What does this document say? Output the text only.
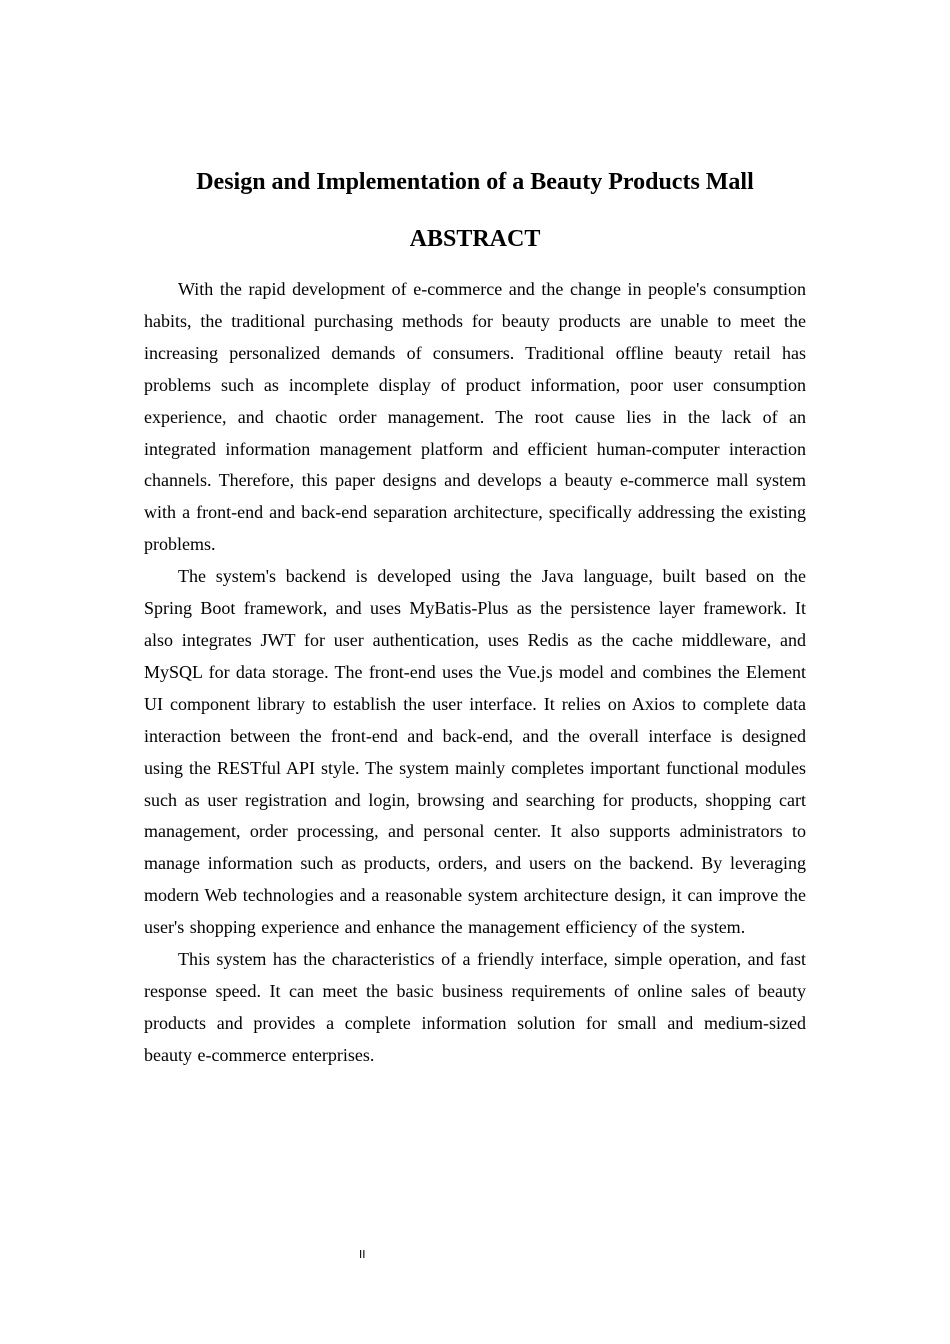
Design and Implementation of a Beauty Products Mall
ABSTRACT

With the rapid development of e-commerce and the change in people's consumption habits, the traditional purchasing methods for beauty products are unable to meet the increasing personalized demands of consumers. Traditional offline beauty retail has problems such as incomplete display of product information, poor user consumption experience, and chaotic order management. The root cause lies in the lack of an integrated information management platform and efficient human-computer interaction channels. Therefore, this paper designs and develops a beauty e-commerce mall system with a front-end and back-end separation architecture, specifically addressing the existing problems.

The system's backend is developed using the Java language, built based on the Spring Boot framework, and uses MyBatis-Plus as the persistence layer framework. It also integrates JWT for user authentication, uses Redis as the cache middleware, and MySQL for data storage. The front-end uses the Vue.js model and combines the Element UI component library to establish the user interface. It relies on Axios to complete data interaction between the front-end and back-end, and the overall interface is designed using the RESTful API style. The system mainly completes important functional modules such as user registration and login, browsing and searching for products, shopping cart management, order processing, and personal center. It also supports administrators to manage information such as products, orders, and users on the backend. By leveraging modern Web technologies and a reasonable system architecture design, it can improve the user's shopping experience and enhance the management efficiency of the system.

This system has the characteristics of a friendly interface, simple operation, and fast response speed. It can meet the basic business requirements of online sales of beauty products and provides a complete information solution for small and medium-sized beauty e-commerce enterprises.

II
